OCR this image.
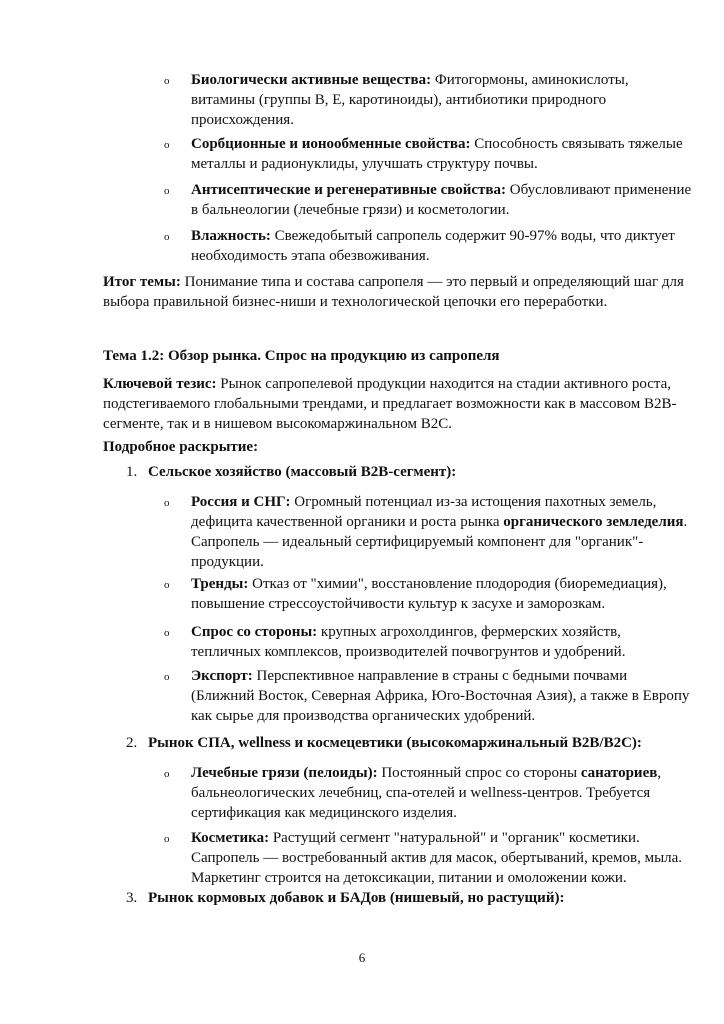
o Биологически активные вещества: Фитогормоны, аминокислоты, витамины (группы B, E, каротиноиды), антибиотики природного происхождения.
o Сорбционные и ионообменные свойства: Способность связывать тяжелые металлы и радионуклиды, улучшать структуру почвы.
o Антисептические и регенеративные свойства: Обусловливают применение в бальнеологии (лечебные грязи) и косметологии.
o Влажность: Свежедобытый сапропель содержит 90-97% воды, что диктует необходимость этапа обезвоживания.
Итог темы: Понимание типа и состава сапропеля — это первый и определяющий шаг для выбора правильной бизнес-ниши и технологической цепочки его переработки.
Тема 1.2: Обзор рынка. Спрос на продукцию из сапропеля
Ключевой тезис: Рынок сапропелевой продукции находится на стадии активного роста, подстегиваемого глобальными трендами, и предлагает возможности как в массовом B2B-сегменте, так и в нишевом высокомаржинальном B2C.
Подробное раскрытие:
1. Сельское хозяйство (массовый B2B-сегмент):
o Россия и СНГ: Огромный потенциал из-за истощения пахотных земель, дефицита качественной органики и роста рынка органического земледелия. Сапропель — идеальный сертифицируемый компонент для "органик"-продукции.
o Тренды: Отказ от "химии", восстановление плодородия (биоремедиация), повышение стрессоустойчивости культур к засухе и заморозкам.
o Спрос со стороны: крупных агрохолдингов, фермерских хозяйств, тепличных комплексов, производителей почвогрунтов и удобрений.
o Экспорт: Перспективное направление в страны с бедными почвами (Ближний Восток, Северная Африка, Юго-Восточная Азия), а также в Европу как сырье для производства органических удобрений.
2. Рынок СПА, wellness и космецевтики (высокомаржинальный B2B/B2C):
o Лечебные грязи (пелоиды): Постоянный спрос со стороны санаториев, бальнеологических лечебниц, спа-отелей и wellness-центров. Требуется сертификация как медицинского изделия.
o Косметика: Растущий сегмент "натуральной" и "органик" косметики. Сапропель — востребованный актив для масок, обертываний, кремов, мыла. Маркетинг строится на детоксикации, питании и омоложении кожи.
3. Рынок кормовых добавок и БАДов (нишевый, но растущий):
6
